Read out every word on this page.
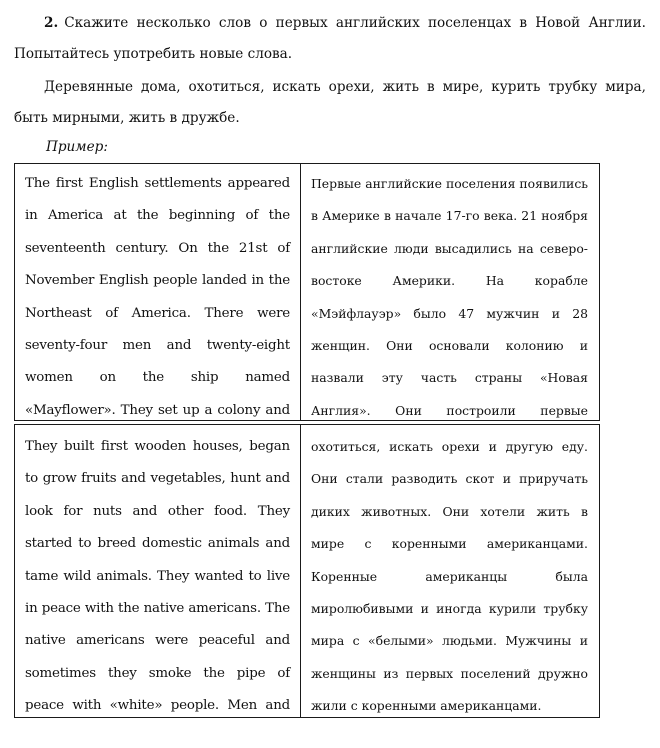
2. Скажите несколько слов о первых английских поселенцах в Новой Англии. Попытайтесь употребить новые слова.

Деревянные дома, охотиться, искать орехи, жить в мире, курить трубку мира, быть мирными, жить в дружбе.

Пример:

The first English settlements appeared in America at the beginning of the seventeenth century. On the 21st of November English people landed in the Northeast of America. There were seventy-four men and twenty-eight women on the ship named «Mayflower». They set up a colony and
Первые английские поселения появились в Америке в начале 17-го века. 21 ноября английские люди высадились на северо-востоке Америки. На корабле «Мэйфлауэр» было 47 мужчин и 28 женщин. Они основали колонию и назвали эту часть страны «Новая Англия». Они построили первые
They built first wooden houses, began to grow fruits and vegetables, hunt and look for nuts and other food. They started to breed domestic animals and tame wild animals. They wanted to live in peace with the native americans. The native americans were peaceful and sometimes they smoke the pipe of peace with «white» people. Men and
охотиться, искать орехи и другую еду. Они стали разводить скот и приручать диких животных. Они хотели жить в мире с коренными американцами. Коренные американцы была миролюбивыми и иногда курили трубку мира с «белыми» людьми. Мужчины и женщины из первых поселений дружно жили с коренными американцами.
